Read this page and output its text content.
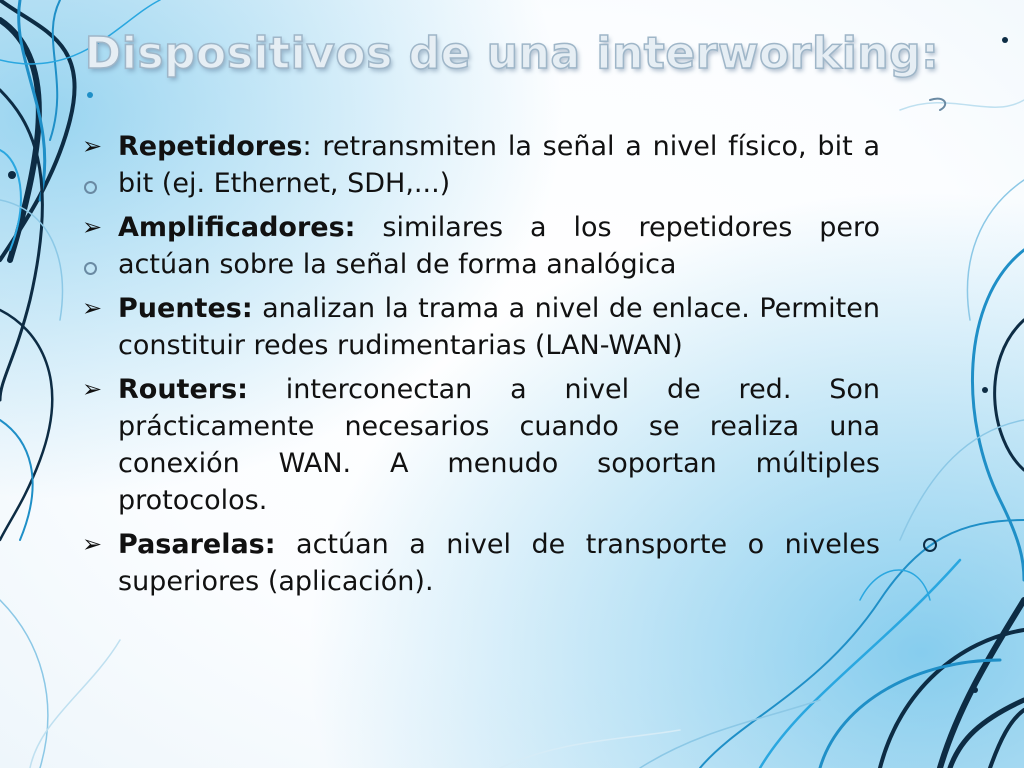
Dispositivos de una interworking:
➢ Repetidores: retransmiten la señal a nivel físico, bit a bit (ej. Ethernet, SDH,...)
➢ Amplificadores: similares a los repetidores pero actúan sobre la señal de forma analógica
➢ Puentes: analizan la trama a nivel de enlace. Permiten constituir redes rudimentarias (LAN-WAN)
➢ Routers: interconectan a nivel de red. Son prácticamente necesarios cuando se realiza una conexión WAN. A menudo soportan múltiples protocolos.
➢ Pasarelas: actúan a nivel de transporte o niveles superiores (aplicación).
